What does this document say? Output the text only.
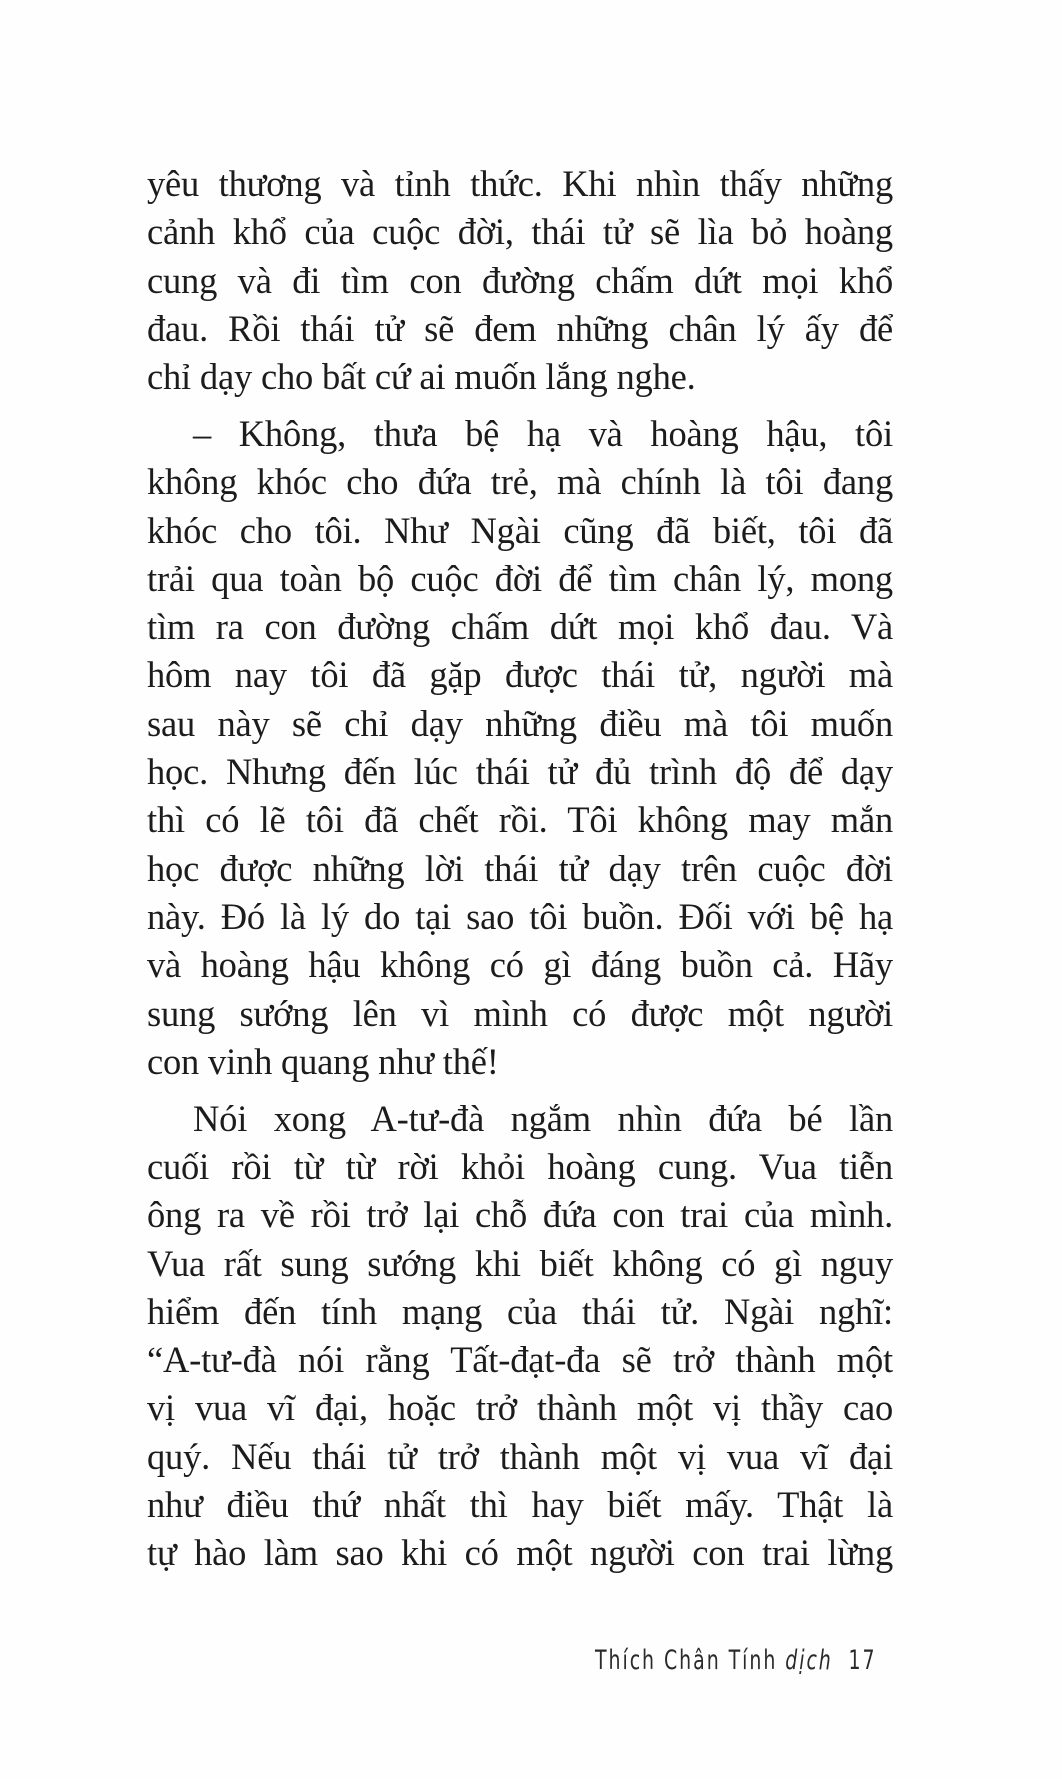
yêu thương và tỉnh thức. Khi nhìn thấy những
cảnh khổ của cuộc đời, thái tử sẽ lìa bỏ hoàng
cung và đi tìm con đường chấm dứt mọi khổ
đau. Rồi thái tử sẽ đem những chân lý ấy để
chỉ dạy cho bất cứ ai muốn lắng nghe.
– Không, thưa bệ hạ và hoàng hậu, tôi
không khóc cho đứa trẻ, mà chính là tôi đang
khóc cho tôi. Như Ngài cũng đã biết, tôi đã
trải qua toàn bộ cuộc đời để tìm chân lý, mong
tìm ra con đường chấm dứt mọi khổ đau. Và
hôm nay tôi đã gặp được thái tử, người mà
sau này sẽ chỉ dạy những điều mà tôi muốn
học. Nhưng đến lúc thái tử đủ trình độ để dạy
thì có lẽ tôi đã chết rồi. Tôi không may mắn
học được những lời thái tử dạy trên cuộc đời
này. Đó là lý do tại sao tôi buồn. Đối với bệ hạ
và hoàng hậu không có gì đáng buồn cả. Hãy
sung sướng lên vì mình có được một người
con vinh quang như thế!
Nói xong A-tư-đà ngắm nhìn đứa bé lần
cuối rồi từ từ rời khỏi hoàng cung. Vua tiễn
ông ra về rồi trở lại chỗ đứa con trai của mình.
Vua rất sung sướng khi biết không có gì nguy
hiểm đến tính mạng của thái tử. Ngài nghĩ:
“A-tư-đà nói rằng Tất-đạt-đa sẽ trở thành một
vị vua vĩ đại, hoặc trở thành một vị thầy cao
quý. Nếu thái tử trở thành một vị vua vĩ đại
như điều thứ nhất thì hay biết mấy. Thật là
tự hào làm sao khi có một người con trai lừng
Thích Chân Tính dịch 17
